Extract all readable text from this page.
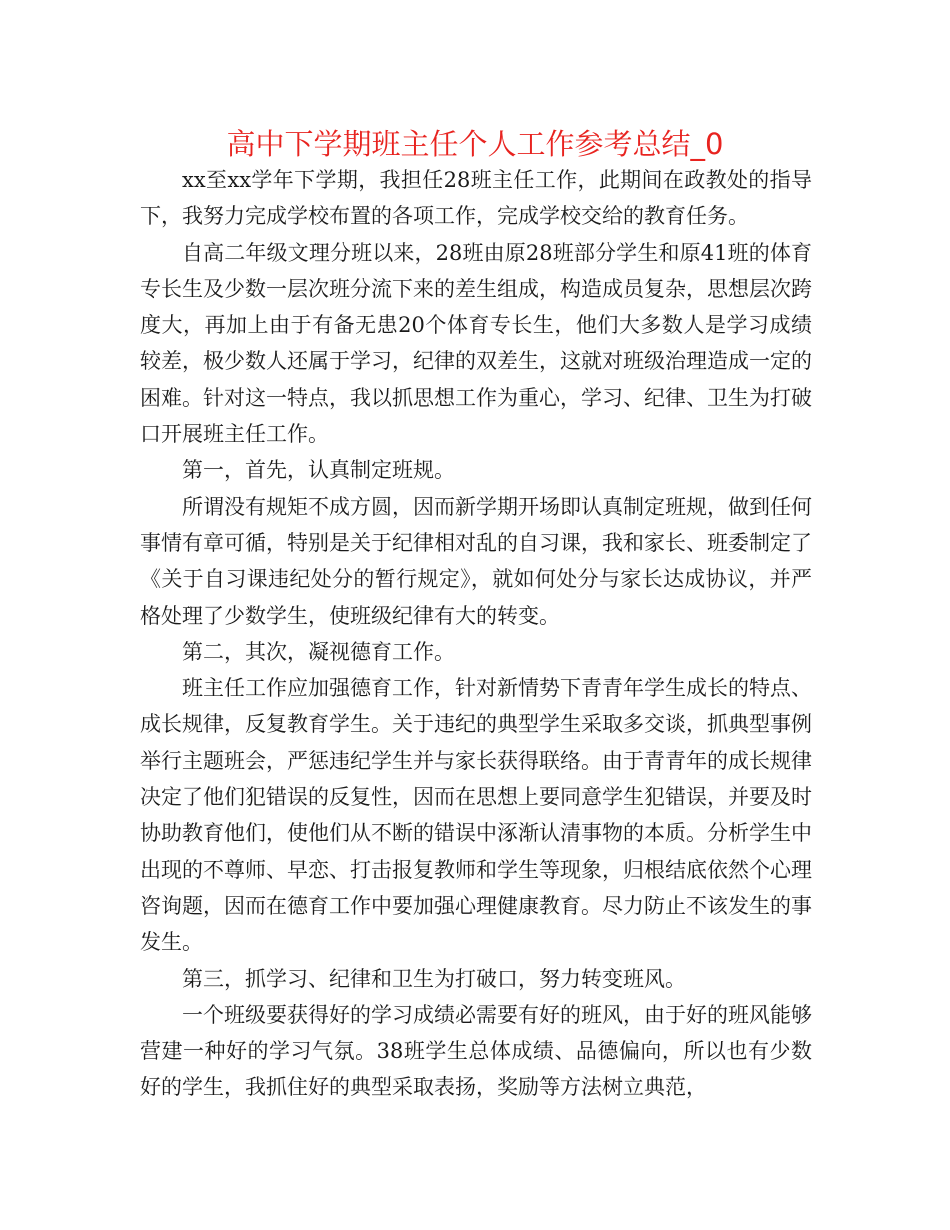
高中下学期班主任个人工作参考总结_0

xx至xx学年下学期，我担任28班主任工作，此期间在政教处的指导下，我努力完成学校布置的各项工作，完成学校交给的教育任务。

自高二年级文理分班以来，28班由原28班部分学生和原41班的体育专长生及少数一层次班分流下来的差生组成，构造成员复杂，思想层次跨度大，再加上由于有备无患20个体育专长生，他们大多数人是学习成绩较差，极少数人还属于学习，纪律的双差生，这就对班级治理造成一定的困难。针对这一特点，我以抓思想工作为重心，学习、纪律、卫生为打破口开展班主任工作。

第一，首先，认真制定班规。

所谓没有规矩不成方圆，因而新学期开场即认真制定班规，做到任何事情有章可循，特别是关于纪律相对乱的自习课，我和家长、班委制定了《关于自习课违纪处分的暂行规定》，就如何处分与家长达成协议，并严格处理了少数学生，使班级纪律有大的转变。

第二，其次，凝视德育工作。

班主任工作应加强德育工作，针对新情势下青青年学生成长的特点、成长规律，反复教育学生。关于违纪的典型学生采取多交谈，抓典型事例举行主题班会，严惩违纪学生并与家长获得联络。由于青青年的成长规律决定了他们犯错误的反复性，因而在思想上要同意学生犯错误，并要及时协助教育他们，使他们从不断的错误中涿渐认清事物的本质。分析学生中出现的不尊师、早恋、打击报复教师和学生等现象，归根结底依然个心理咨询题，因而在德育工作中要加强心理健康教育。尽力防止不该发生的事发生。

第三，抓学习、纪律和卫生为打破口，努力转变班风。

一个班级要获得好的学习成绩必需要有好的班风，由于好的班风能够营建一种好的学习气氛。38班学生总体成绩、品德偏向，所以也有少数好的学生，我抓住好的典型采取表扬，奖励等方法树立典范，
